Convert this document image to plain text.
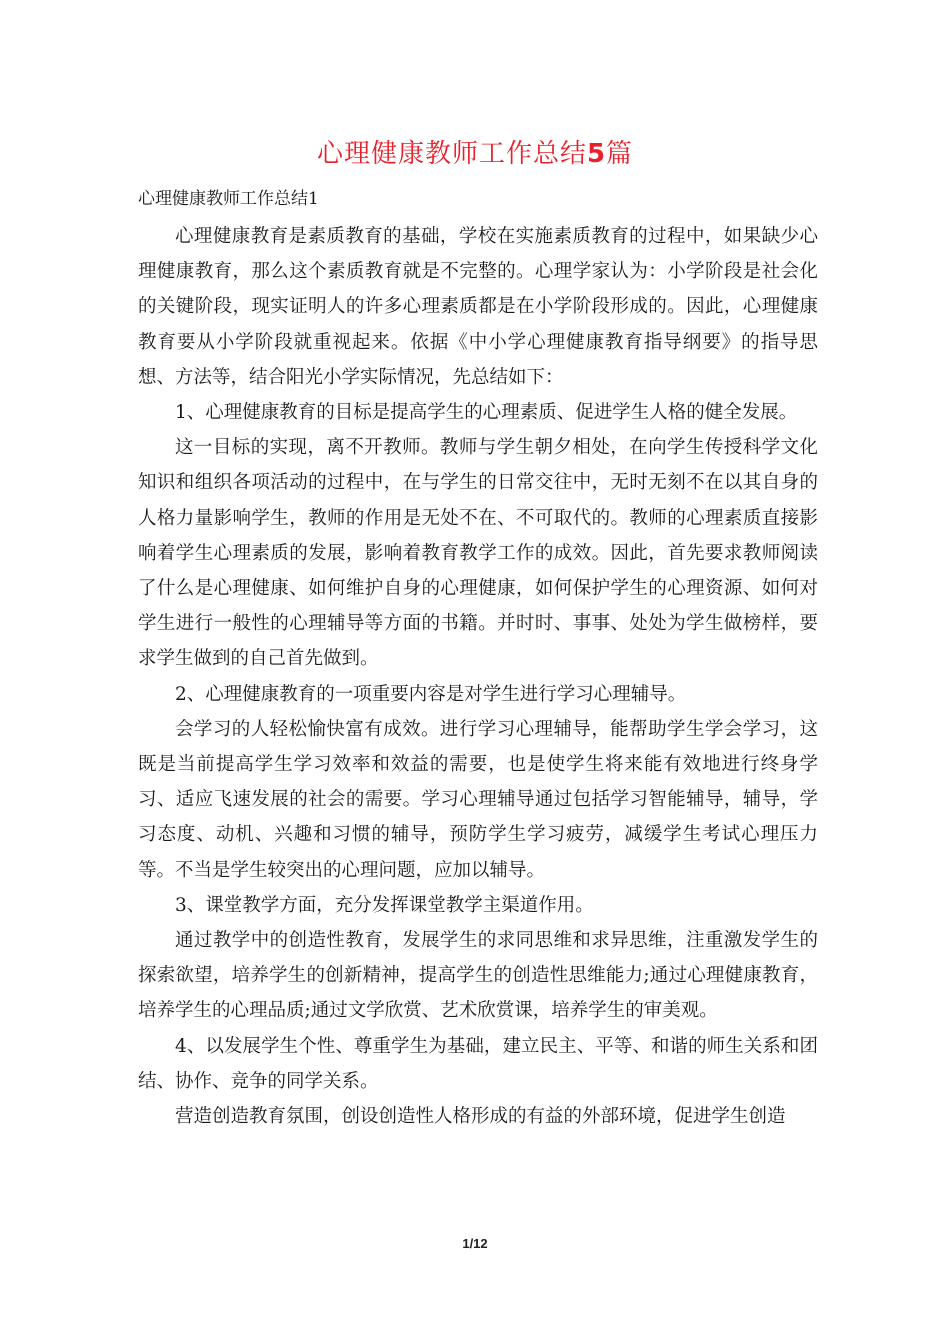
心理健康教师工作总结5篇
心理健康教师工作总结1

心理健康教育是素质教育的基础，学校在实施素质教育的过程中，如果缺少心理健康教育，那么这个素质教育就是不完整的。心理学家认为：小学阶段是社会化的关键阶段，现实证明人的许多心理素质都是在小学阶段形成的。因此，心理健康教育要从小学阶段就重视起来。依据《中小学心理健康教育指导纲要》的指导思想、方法等，结合阳光小学实际情况，先总结如下：

1、心理健康教育的目标是提高学生的心理素质、促进学生人格的健全发展。

这一目标的实现，离不开教师。教师与学生朝夕相处，在向学生传授科学文化知识和组织各项活动的过程中，在与学生的日常交往中，无时无刻不在以其自身的人格力量影响学生，教师的作用是无处不在、不可取代的。教师的心理素质直接影响着学生心理素质的发展，影响着教育教学工作的成效。因此，首先要求教师阅读了什么是心理健康、如何维护自身的心理健康，如何保护学生的心理资源、如何对学生进行一般性的心理辅导等方面的书籍。并时时、事事、处处为学生做榜样，要求学生做到的自己首先做到。

2、心理健康教育的一项重要内容是对学生进行学习心理辅导。

会学习的人轻松愉快富有成效。进行学习心理辅导，能帮助学生学会学习，这既是当前提高学生学习效率和效益的需要，也是使学生将来能有效地进行终身学习、适应飞速发展的社会的需要。学习心理辅导通过包括学习智能辅导，辅导，学习态度、动机、兴趣和习惯的辅导，预防学生学习疲劳，减缓学生考试心理压力等。不当是学生较突出的心理问题，应加以辅导。

3、课堂教学方面，充分发挥课堂教学主渠道作用。

通过教学中的创造性教育，发展学生的求同思维和求异思维，注重激发学生的探索欲望，培养学生的创新精神，提高学生的创造性思维能力;通过心理健康教育，培养学生的心理品质;通过文学欣赏、艺术欣赏课，培养学生的审美观。

4、以发展学生个性、尊重学生为基础，建立民主、平等、和谐的师生关系和团结、协作、竞争的同学关系。

营造创造教育氛围，创设创造性人格形成的有益的外部环境，促进学生创造

1/12
